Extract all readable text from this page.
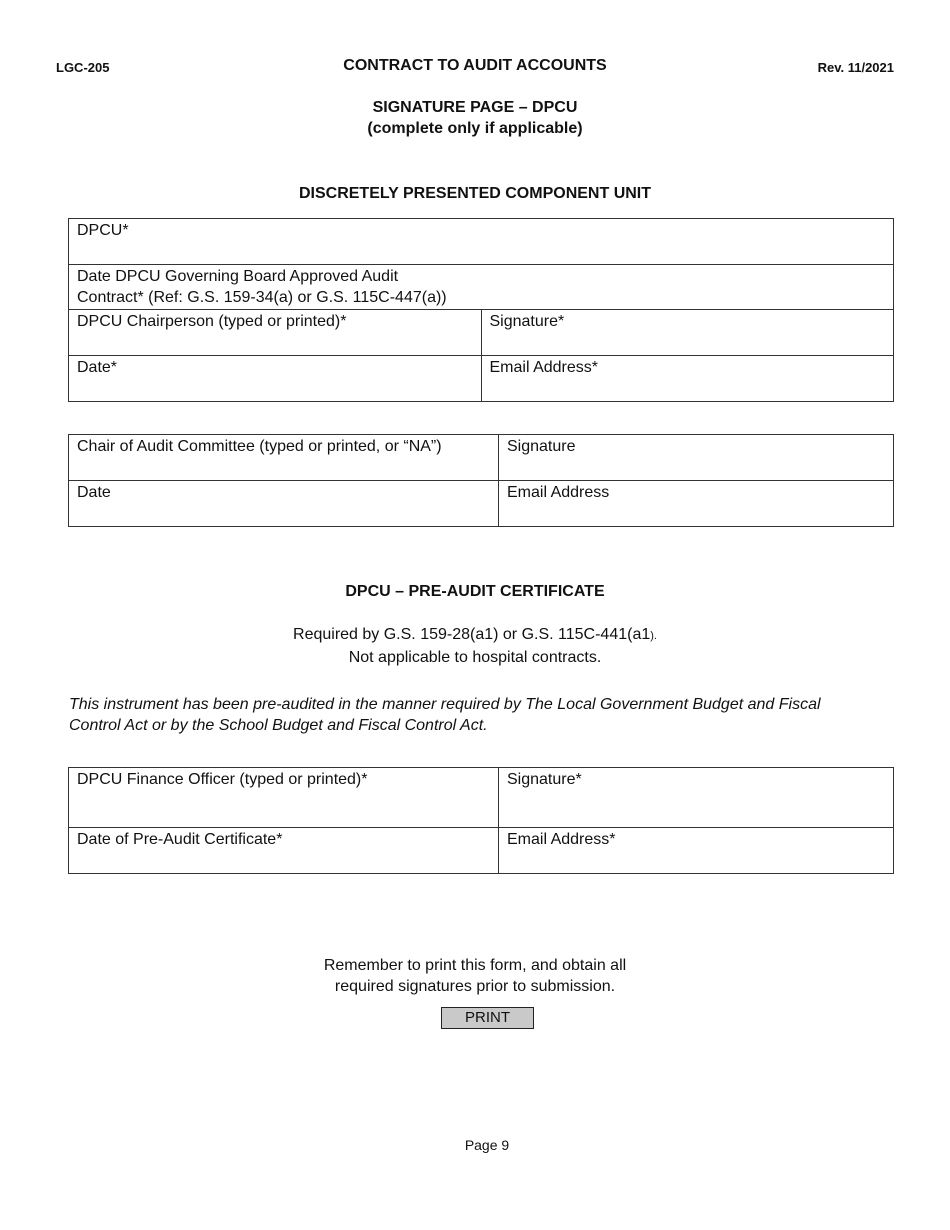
LGC-205	CONTRACT TO AUDIT ACCOUNTS	Rev. 11/2021
SIGNATURE PAGE – DPCU
(complete only if applicable)
DISCRETELY PRESENTED COMPONENT UNIT
DPCU*	

Date DPCU Governing Board Approved Audit
Contract* (Ref: G.S. 159-34(a) or G.S. 115C-447(a))	

DPCU Chairperson (typed or printed)*	Signature*
Date*	Email Address*
Chair of Audit Committee (typed or printed, or “NA”)	Signature
Date	Email Address
DPCU – PRE-AUDIT CERTIFICATE
Required by G.S. 159-28(a1) or G.S. 115C-441(a1).
Not applicable to hospital contracts.
This instrument has been pre-audited in the manner required by The Local Government Budget and Fiscal
Control Act or by the School Budget and Fiscal Control Act.
DPCU Finance Officer (typed or printed)*	Signature*
Date of Pre-Audit Certificate*	Email Address*
Remember to print this form, and obtain all
required signatures prior to submission.
PRINT
Page 9
